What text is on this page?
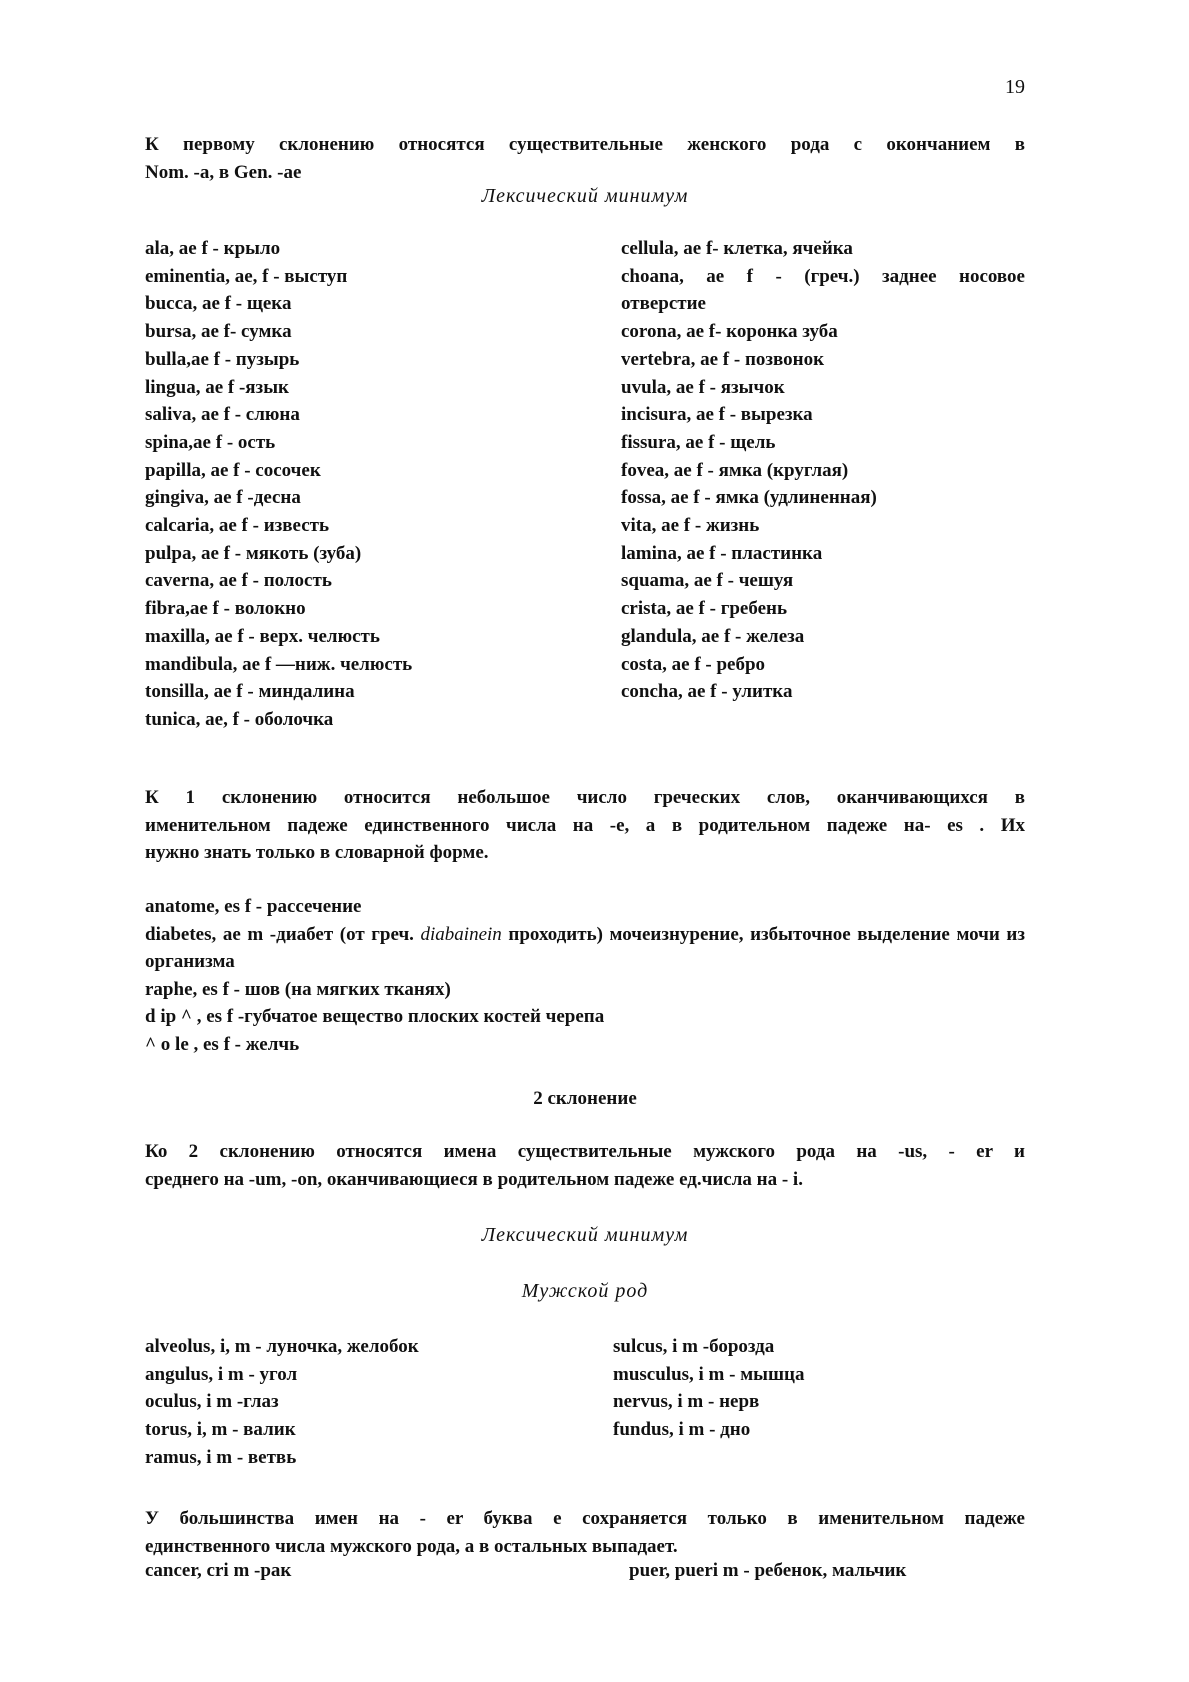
19
К первому склонению относятся существительные женского рода с окончанием в
Nom. -а, в Gen. -ае
Лексический минимум
ala, ae f - крыло
eminentia, ae, f - выступ
bucca, ae f - щека
bursa, ae f- сумка
bulla,ae f - пузырь
lingua, ae f -язык
saliva, ae f - слюна
spina,ae f - ость
papilla, ae f - сосочек
gingiva, ae f -десна
calcaria, ae f - известь
pulpa, ae f - мякоть (зуба)
caverna, ae f - полость
fibra,ae f - волокно
maxilla, ae f - верх. челюсть
mandibula, ae f —ниж. челюсть
tonsilla, ae f - миндалина
tunica, ae, f - оболочка
cellula, ae f- клетка, ячейка
choana, ae f - (греч.) заднее носовое
отверстие
corona, ae f- коронка зуба
vertebra, ae f - позвонок
uvula, ae f - язычок
incisura, ae f - вырезка
fissura, ae f - щель
fovea, ae f - ямка (круглая)
fossa, ae f - ямка (удлиненная)
vita, ae f - жизнь
lamina, ae f - пластинка
squama, ae f - чешуя
crista, ae f - гребень
glandula, ae f - железа
costa, ae f - ребро
concha, ae f - улитка
К 1 склонению относится небольшое число греческих слов, оканчивающихся в
именительном падеже единственного числа на -е, а в родительном падеже на- es . Их
нужно знать только в словарной форме.
anatome, es f - рассечение
diabetes, ae m -диабет (от греч. diabainein проходить) мочеизнурение, избыточное выделение мочи из организма
raphe, es f - шов (на мягких тканях)
d ip ^ , es f -губчатое вещество плоских костей черепа
^ o le , es f - желчь
2 склонение
Ко 2 склонению относятся имена существительные мужского рода на -us, - er и
среднего на -um, -on, оканчивающиеся в родительном падеже ед.числа на - i.
Лексический минимум
Мужской род
alveolus, i, m - луночка, желобок
angulus, i m - угол
oculus, i m -глаз
torus, i, m - валик
ramus, i m - ветвь
sulcus, i m -борозда
musculus, i m - мышца
nervus, i m - нерв
fundus, i m - дно
У большинства имен на - er буква е сохраняется только в именительном падеже
единственного числа мужского рода, а в остальных выпадает.
cancer, cri m -рак	puer, pueri m - ребенок, мальчик
